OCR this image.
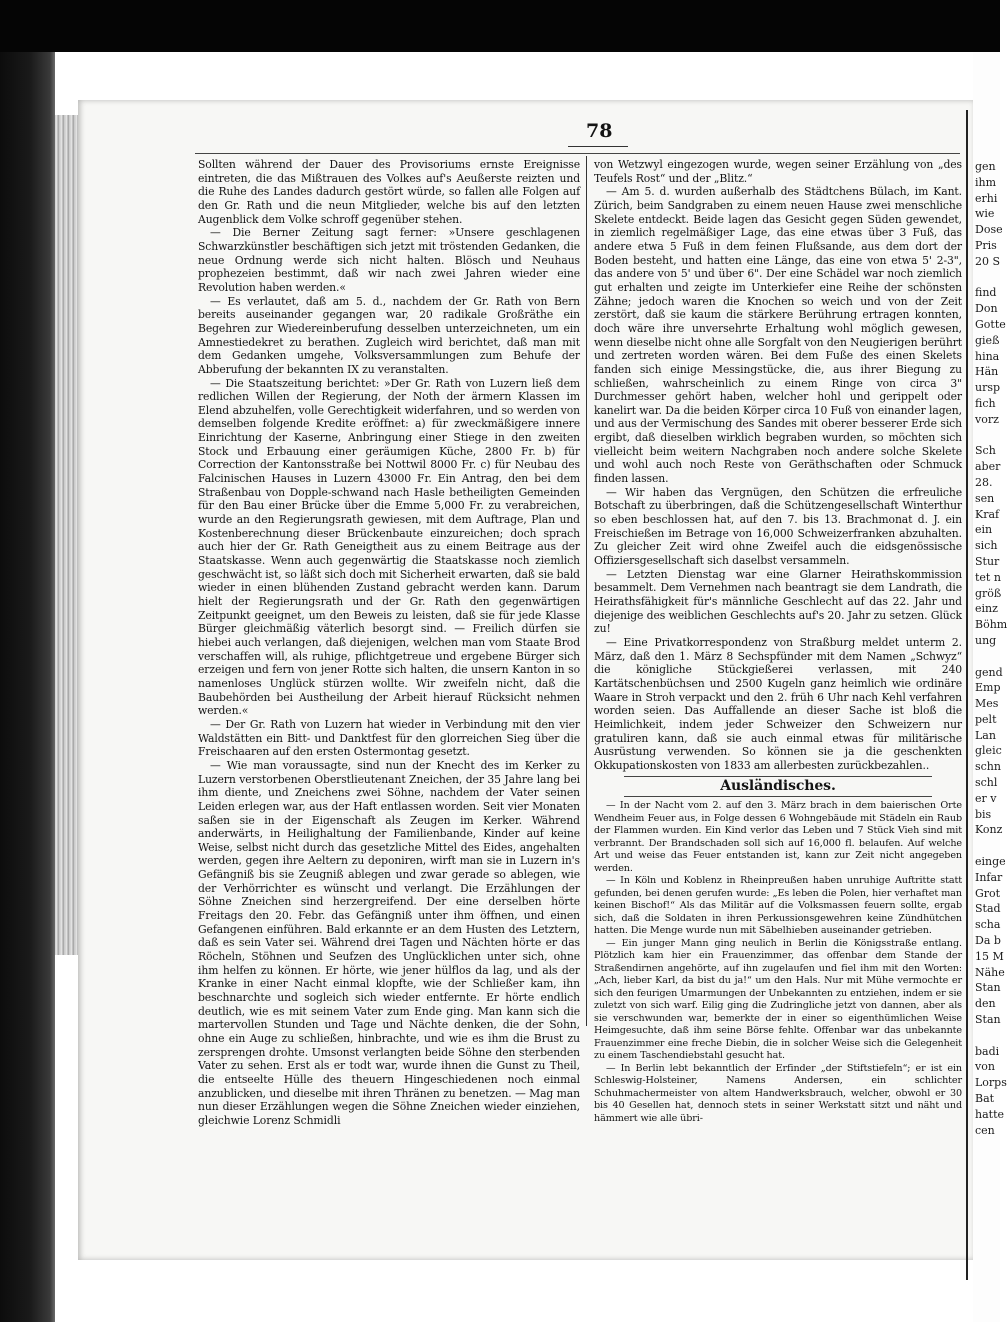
gen
ihm
erhi
wie
Dose
Pris
20 S

find
Don
Gotte
gieß
hina
Hän
ursp
fich
vorz

Sch
aber
28.
sen
Kraf
ein
sich
Stur
tet n
größ
einz
Böhm
ung

gend
Emp
Mes
pelt
Lan
gleic
schn
schl
er v
bis
Konz

einge
Infar
Grot
Stad
scha
Da b
15 M
Nähe
Stan
den
Stan

badi
von
Lorps
Bat
hatte
cen
78

Sollten während der Dauer des Provisoriums ernste Ereignisse eintreten, die das Mißtrauen des Volkes auf's Aeußerste reizten und die Ruhe des Landes dadurch gestört würde, so fallen alle Folgen auf den Gr. Rath und die neun Mitglieder, welche bis auf den letzten Augenblick dem Volke schroff gegenüber stehen.

— Die Berner Zeitung sagt ferner: »Unsere geschlagenen Schwarzkünstler beschäftigen sich jetzt mit tröstenden Gedanken, die neue Ordnung werde sich nicht halten. Blösch und Neuhaus prophezeien bestimmt, daß wir nach zwei Jahren wieder eine Revolution haben werden.«

— Es verlautet, daß am 5. d., nachdem der Gr. Rath von Bern bereits auseinander gegangen war, 20 radikale Großräthe ein Begehren zur Wiedereinberufung desselben unterzeichneten, um ein Amnestiedekret zu berathen. Zugleich wird berichtet, daß man mit dem Gedanken umgehe, Volksversammlungen zum Behufe der Abberufung der bekannten IX zu veranstalten.

— Die Staatszeitung berichtet: »Der Gr. Rath von Luzern ließ dem redlichen Willen der Regierung, der Noth der ärmern Klassen im Elend abzuhelfen, volle Gerechtigkeit widerfahren, und so werden von demselben folgende Kredite eröffnet: a) für zweckmäßigere innere Einrichtung der Kaserne, Anbringung einer Stiege in den zweiten Stock und Erbauung einer geräumigen Küche, 2800 Fr. b) für Correction der Kantonsstraße bei Nottwil 8000 Fr. c) für Neubau des Falcinischen Hauses in Luzern 43000 Fr. Ein Antrag, den bei dem Straßenbau von Dopple-schwand nach Hasle betheiligten Gemeinden für den Bau einer Brücke über die Emme 5,000 Fr. zu verabreichen, wurde an den Regierungsrath gewiesen, mit dem Auftrage, Plan und Kostenberechnung dieser Brückenbaute einzureichen; doch sprach auch hier der Gr. Rath Geneigtheit aus zu einem Beitrage aus der Staatskasse. Wenn auch gegenwärtig die Staatskasse noch ziemlich geschwächt ist, so läßt sich doch mit Sicherheit erwarten, daß sie bald wieder in einen blühenden Zustand gebracht werden kann. Darum hielt der Regierungsrath und der Gr. Rath den gegenwärtigen Zeitpunkt geeignet, um den Beweis zu leisten, daß sie für jede Klasse Bürger gleichmäßig väterlich besorgt sind. — Freilich dürfen sie hiebei auch verlangen, daß diejenigen, welchen man vom Staate Brod verschaffen will, als ruhige, pflichtgetreue und ergebene Bürger sich erzeigen und fern von jener Rotte sich halten, die unsern Kanton in so namenloses Unglück stürzen wollte. Wir zweifeln nicht, daß die Baubehörden bei Austheilung der Arbeit hierauf Rücksicht nehmen werden.«

— Der Gr. Rath von Luzern hat wieder in Verbindung mit den vier Waldstätten ein Bitt- und Danktfest für den glorreichen Sieg über die Freischaaren auf den ersten Ostermontag gesetzt.

— Wie man voraussagte, sind nun der Knecht des im Kerker zu Luzern verstorbenen Oberstlieutenant Zneichen, der 35 Jahre lang bei ihm diente, und Zneichens zwei Söhne, nachdem der Vater seinen Leiden erlegen war, aus der Haft entlassen worden. Seit vier Monaten saßen sie in der Eigenschaft als Zeugen im Kerker. Während anderwärts, in Heilighaltung der Familienbande, Kinder auf keine Weise, selbst nicht durch das gesetzliche Mittel des Eides, angehalten werden, gegen ihre Aeltern zu deponiren, wirft man sie in Luzern in's Gefängniß bis sie Zeugniß ablegen und zwar gerade so ablegen, wie der Verhörrichter es wünscht und verlangt. Die Erzählungen der Söhne Zneichen sind herzergreifend. Der eine derselben hörte Freitags den 20. Febr. das Gefängniß unter ihm öffnen, und einen Gefangenen einführen. Bald erkannte er an dem Husten des Letztern, daß es sein Vater sei. Während drei Tagen und Nächten hörte er das Röcheln, Stöhnen und Seufzen des Unglücklichen unter sich, ohne ihm helfen zu können. Er hörte, wie jener hülflos da lag, und als der Kranke in einer Nacht einmal klopfte, wie der Schließer kam, ihn beschnarchte und sogleich sich wieder entfernte. Er hörte endlich deutlich, wie es mit seinem Vater zum Ende ging. Man kann sich die martervollen Stunden und Tage und Nächte denken, die der Sohn, ohne ein Auge zu schließen, hinbrachte, und wie es ihm die Brust zu zersprengen drohte. Umsonst verlangten beide Söhne den sterbenden Vater zu sehen. Erst als er todt war, wurde ihnen die Gunst zu Theil, die entseelte Hülle des theuern Hingeschiedenen noch einmal anzublicken, und dieselbe mit ihren Thränen zu benetzen. — Mag man nun dieser Erzählungen wegen die Söhne Zneichen wieder einziehen, gleichwie Lorenz Schmidli

von Wetzwyl eingezogen wurde, wegen seiner Erzählung von „des Teufels Rost“ und der „Blitz.“

— Am 5. d. wurden außerhalb des Städtchens Bülach, im Kant. Zürich, beim Sandgraben zu einem neuen Hause zwei menschliche Skelete entdeckt. Beide lagen das Gesicht gegen Süden gewendet, in ziemlich regelmäßiger Lage, das eine etwas über 3 Fuß, das andere etwa 5 Fuß in dem feinen Flußsande, aus dem dort der Boden besteht, und hatten eine Länge, das eine von etwa 5' 2-3", das andere von 5' und über 6". Der eine Schädel war noch ziemlich gut erhalten und zeigte im Unterkiefer eine Reihe der schönsten Zähne; jedoch waren die Knochen so weich und von der Zeit zerstört, daß sie kaum die stärkere Berührung ertragen konnten, doch wäre ihre unversehrte Erhaltung wohl möglich gewesen, wenn dieselbe nicht ohne alle Sorgfalt von den Neugierigen berührt und zertreten worden wären. Bei dem Fuße des einen Skelets fanden sich einige Messingstücke, die, aus ihrer Biegung zu schließen, wahrscheinlich zu einem Ringe von circa 3" Durchmesser gehört haben, welcher hohl und gerippelt oder kanelirt war. Da die beiden Körper circa 10 Fuß von einander lagen, und aus der Vermischung des Sandes mit oberer besserer Erde sich ergibt, daß dieselben wirklich begraben wurden, so möchten sich vielleicht beim weitern Nachgraben noch andere solche Skelete und wohl auch noch Reste von Geräthschaften oder Schmuck finden lassen.

— Wir haben das Vergnügen, den Schützen die erfreuliche Botschaft zu überbringen, daß die Schützengesellschaft Winterthur so eben beschlossen hat, auf den 7. bis 13. Brachmonat d. J. ein Freischießen im Betrage von 16,000 Schweizerfranken abzuhalten. Zu gleicher Zeit wird ohne Zweifel auch die eidsgenössische Offiziersgesellschaft sich daselbst versammeln.

— Letzten Dienstag war eine Glarner Heirathskommission besammelt. Dem Vernehmen nach beantragt sie dem Landrath, die Heirathsfähigkeit für's männliche Geschlecht auf das 22. Jahr und diejenige des weiblichen Geschlechts auf's 20. Jahr zu setzen. Glück zu!

— Eine Privatkorrespondenz von Straßburg meldet unterm 2. März, daß den 1. März 8 Sechspfünder mit dem Namen „Schwyz“ die königliche Stückgießerei verlassen, mit 240 Kartätschenbüchsen und 2500 Kugeln ganz heimlich wie ordinäre Waare in Stroh verpackt und den 2. früh 6 Uhr nach Kehl verfahren worden seien. Das Auffallende an dieser Sache ist bloß die Heimlichkeit, indem jeder Schweizer den Schweizern nur gratuliren kann, daß sie auch einmal etwas für militärische Ausrüstung verwenden. So können sie ja die geschenkten Okkupationskosten von 1833 am allerbesten zurückbezahlen..

Ausländisches.

— In der Nacht vom 2. auf den 3. März brach in dem baierischen Orte Wendheim Feuer aus, in Folge dessen 6 Wohngebäude mit Städeln ein Raub der Flammen wurden. Ein Kind verlor das Leben und 7 Stück Vieh sind mit verbrannt. Der Brandschaden soll sich auf 16,000 fl. belaufen. Auf welche Art und weise das Feuer entstanden ist, kann zur Zeit nicht angegeben werden.

— In Köln und Koblenz in Rheinpreußen haben unruhige Auftritte statt gefunden, bei denen gerufen wurde: „Es leben die Polen, hier verhaftet man keinen Bischof!“ Als das Militär auf die Volksmassen feuern sollte, ergab sich, daß die Soldaten in ihren Perkussionsgewehren keine Zündhütchen hatten. Die Menge wurde nun mit Säbelhieben auseinander getrieben.

— Ein junger Mann ging neulich in Berlin die Königsstraße entlang. Plötzlich kam hier ein Frauenzimmer, das offenbar dem Stande der Straßendirnen angehörte, auf ihn zugelaufen und fiel ihm mit den Worten: „Ach, lieber Karl, da bist du ja!“ um den Hals. Nur mit Mühe vermochte er sich den feurigen Umarmungen der Unbekannten zu entziehen, indem er sie zuletzt von sich warf. Eilig ging die Zudringliche jetzt von dannen, aber als sie verschwunden war, bemerkte der in einer so eigenthümlichen Weise Heimgesuchte, daß ihm seine Börse fehlte. Offenbar war das unbekannte Frauenzimmer eine freche Diebin, die in solcher Weise sich die Gelegenheit zu einem Taschendiebstahl gesucht hat.

— In Berlin lebt bekanntlich der Erfinder „der Stiftstiefeln“; er ist ein Schleswig-Holsteiner, Namens Andersen, ein schlichter Schuhmachermeister von altem Handwerksbrauch, welcher, obwohl er 30 bis 40 Gesellen hat, dennoch stets in seiner Werkstatt sitzt und näht und hämmert wie alle übri-
